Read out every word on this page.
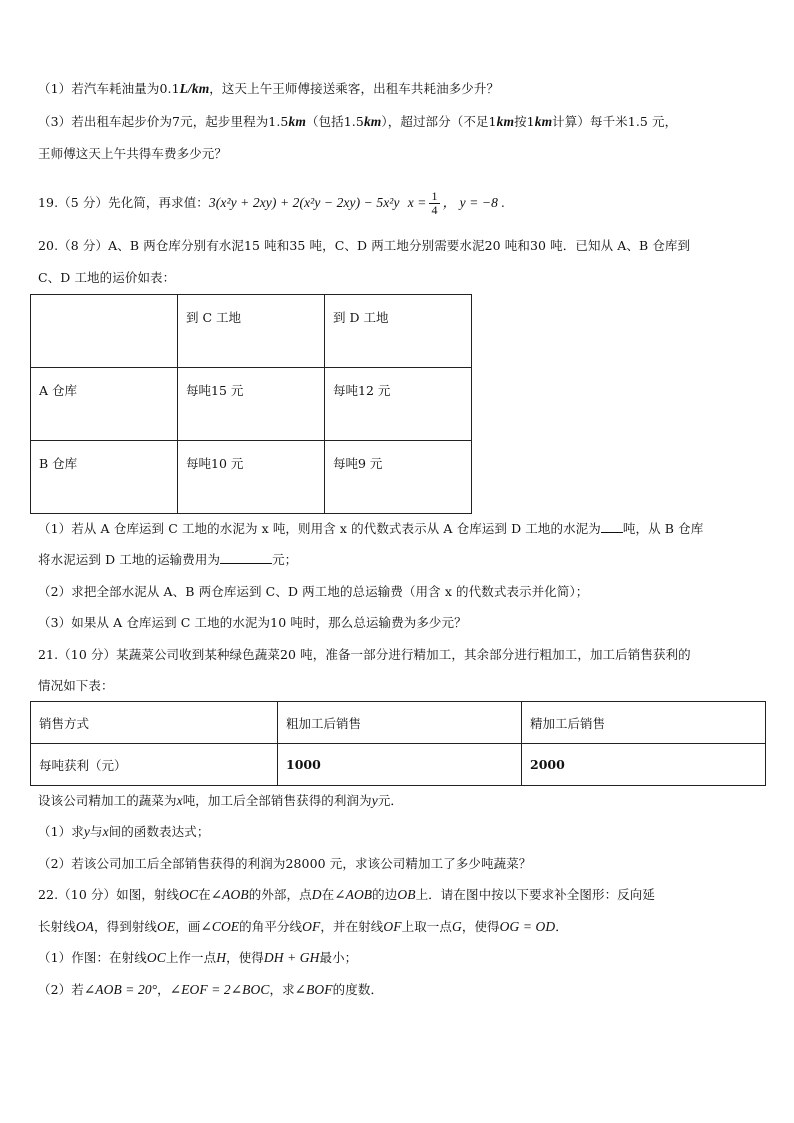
（1）若汽车耗油量为0.1L/km，这天上午王师傅接送乘客，出租车共耗油多少升？
（3）若出租车起步价为7元，起步里程为1.5km（包括1.5km），超过部分（不足1km按1km计算）每千米1.5 元，
王师傅这天上午共得车费多少元？
19.（5 分）先化简，再求值：3(x²y + 2xy) + 2(x²y − 2xy) − 5x²y $x = \frac{1}{4}$ ， y = −8 .
20.（8 分）A、B 两仓库分别有水泥15 吨和35 吨，C、D 两工地分别需要水泥20 吨和30 吨．已知从 A、B 仓库到
C、D 工地的运价如表：

	到 C 工地	到 D 工地

A 仓库	每吨15 元	每吨12 元

B 仓库	每吨10 元	每吨9 元
（1）若从 A 仓库运到 C 工地的水泥为 x 吨，则用含 x 的代数式表示从 A 仓库运到 D 工地的水泥为 吨，从 B 仓库
将水泥运到 D 工地的运输费用为	元；
（2）求把全部水泥从 A、B 两仓库运到 C、D 两工地的总运输费（用含 x 的代数式表示并化简）；
（3）如果从 A 仓库运到 C 工地的水泥为10 吨时，那么总运输费为多少元？
21.（10 分）某蔬菜公司收到某种绿色蔬菜20 吨，准备一部分进行精加工，其余部分进行粗加工，加工后销售获利的
情况如下表：
销售方式	粗加工后销售	精加工后销售

每吨获利（元）	1000	2000
设该公司精加工的蔬菜为x吨，加工后全部销售获得的利润为y元．
（1）求y与x间的函数表达式；
（2）若该公司加工后全部销售获得的利润为28000 元，求该公司精加工了多少吨蔬菜？
22.（10 分）如图，射线OC在∠AOB的外部，点D在∠AOB的边OB上．请在图中按以下要求补全图形：反向延
长射线OA，得到射线OE，画∠COE的角平分线OF，并在射线OF上取一点G，使得OG = OD．
（1）作图：在射线OC上作一点H，使得DH + GH最小；
（2）若∠AOB = 20°，∠EOF = 2∠BOC，求∠BOF的度数．
